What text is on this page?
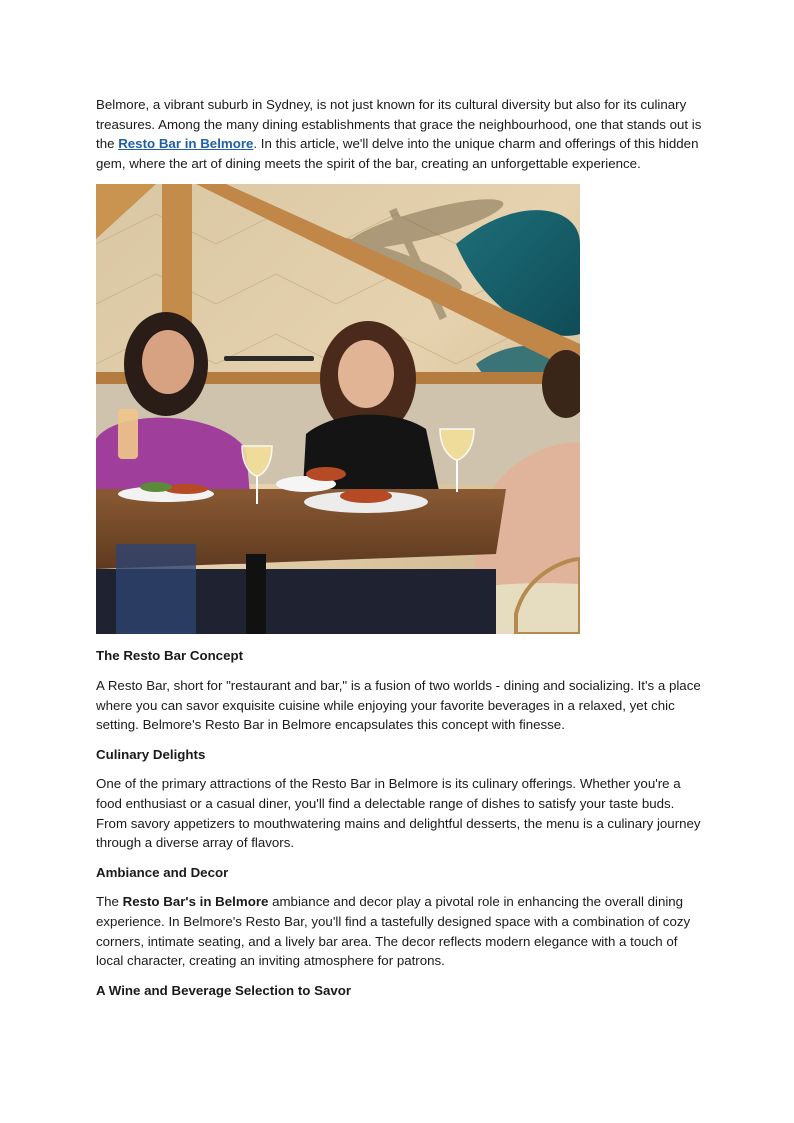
Belmore, a vibrant suburb in Sydney, is not just known for its cultural diversity but also for its culinary treasures. Among the many dining establishments that grace the neighbourhood, one that stands out is the Resto Bar in Belmore. In this article, we'll delve into the unique charm and offerings of this hidden gem, where the art of dining meets the spirit of the bar, creating an unforgettable experience.

The Resto Bar Concept

A Resto Bar, short for "restaurant and bar," is a fusion of two worlds - dining and socializing. It's a place where you can savor exquisite cuisine while enjoying your favorite beverages in a relaxed, yet chic setting. Belmore's Resto Bar in Belmore encapsulates this concept with finesse.

Culinary Delights

One of the primary attractions of the Resto Bar in Belmore is its culinary offerings. Whether you're a food enthusiast or a casual diner, you'll find a delectable range of dishes to satisfy your taste buds. From savory appetizers to mouthwatering mains and delightful desserts, the menu is a culinary journey through a diverse array of flavors.

Ambiance and Decor

The Resto Bar's in Belmore ambiance and decor play a pivotal role in enhancing the overall dining experience. In Belmore's Resto Bar, you'll find a tastefully designed space with a combination of cozy corners, intimate seating, and a lively bar area. The decor reflects modern elegance with a touch of local character, creating an inviting atmosphere for patrons.

A Wine and Beverage Selection to Savor
